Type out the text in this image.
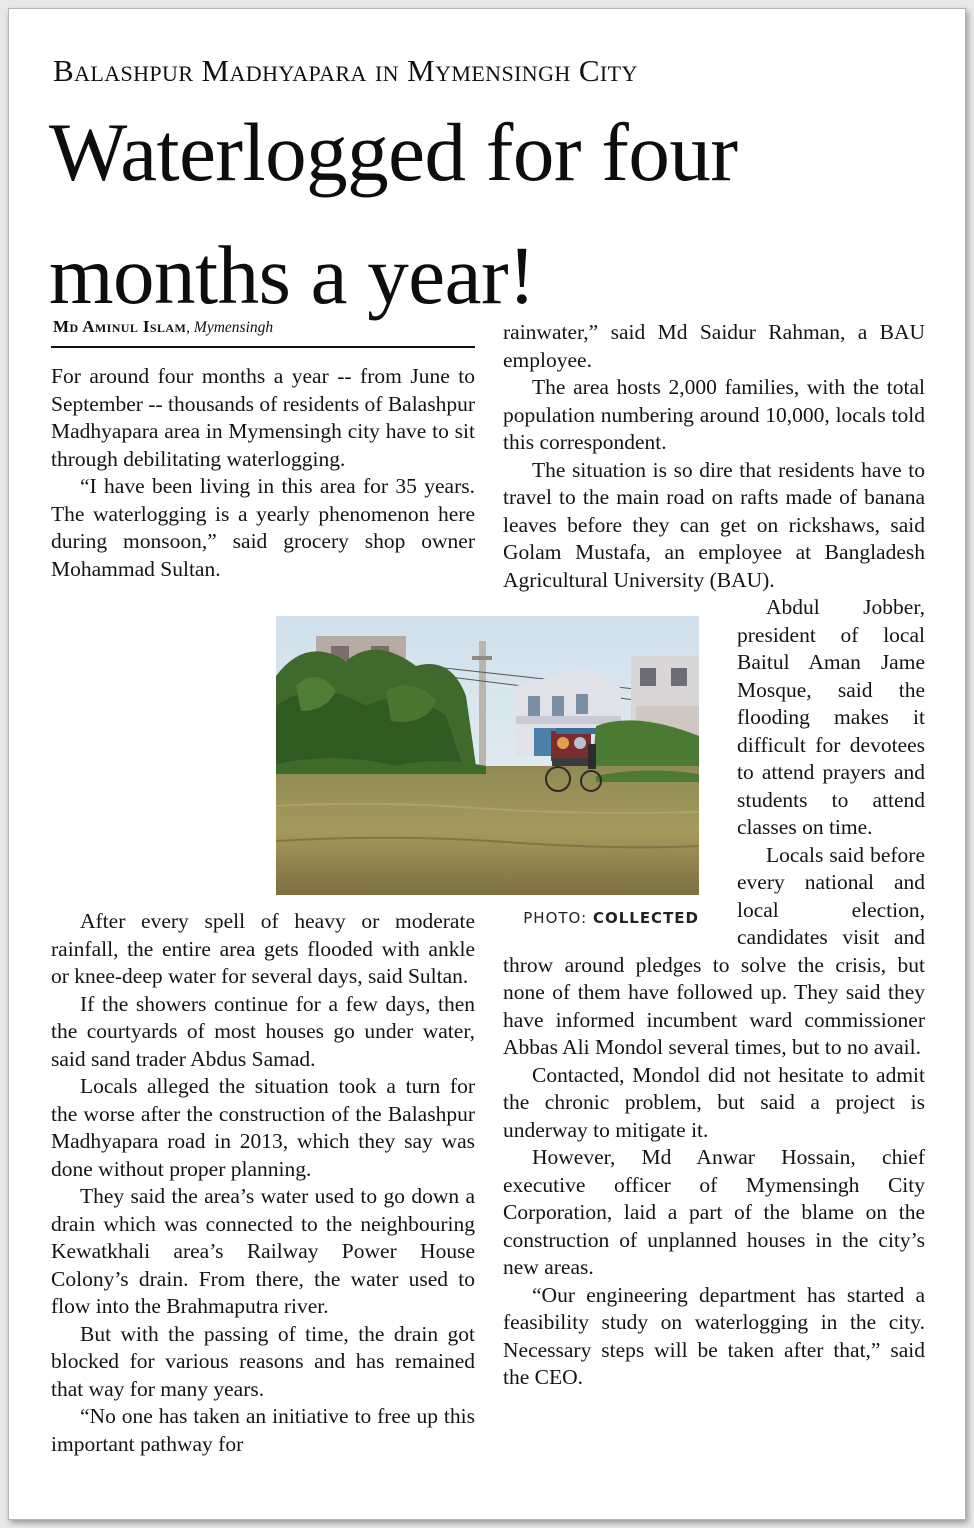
Balashpur Madhyapara in Mymensingh City
Waterlogged for four months a year!
Md Aminul Islam, Mymensingh

For around four months a year -- from June to September -- thousands of residents of Balashpur Madhyapara area in Mymensingh city have to sit through debilitating waterlogging.

“I have been living in this area for 35 years. The waterlogging is a yearly phenomenon here during monsoon,” said grocery shop owner Mohammad Sultan.

After every spell of heavy or moderate rainfall, the entire area gets flooded with ankle or knee-deep water for several days, said Sultan.

If the showers continue for a few days, then the courtyards of most houses go under water, said sand trader Abdus Samad.

Locals alleged the situation took a turn for the worse after the construction of the Balashpur Madhyapara road in 2013, which they say was done without proper planning.

They said the area’s water used to go down a drain which was connected to the neighbouring Kewatkhali area’s Railway Power House Colony’s drain. From there, the water used to flow into the Brahmaputra river.

But with the passing of time, the drain got blocked for various reasons and has remained that way for many years.

“No one has taken an initiative to free up this important pathway for

rainwater,” said Md Saidur Rahman, a BAU employee.

The area hosts 2,000 families, with the total population numbering around 10,000, locals told this correspondent.

The situation is so dire that residents have to travel to the main road on rafts made of banana leaves before they can get on rickshaws, said Golam Mustafa, an employee at Bangladesh Agricultural University (BAU).

Abdul Jobber, president of local Baitul Aman Jame Mosque, said the flooding makes it difficult for devotees to attend prayers and students to attend classes on time.

Locals said before every national and local election, candidates visit and throw around pledges to solve the crisis, but none of them have followed up. They said they have informed incumbent ward commissioner Abbas Ali Mondol several times, but to no avail.

Contacted, Mondol did not hesitate to admit the chronic problem, but said a project is underway to mitigate it.

However, Md Anwar Hossain, chief executive officer of Mymensingh City Corporation, laid a part of the blame on the construction of unplanned houses in the city’s new areas.

“Our engineering department has started a feasibility study on waterlogging in the city. Necessary steps will be taken after that,” said the CEO.

PHOTO: COLLECTED
